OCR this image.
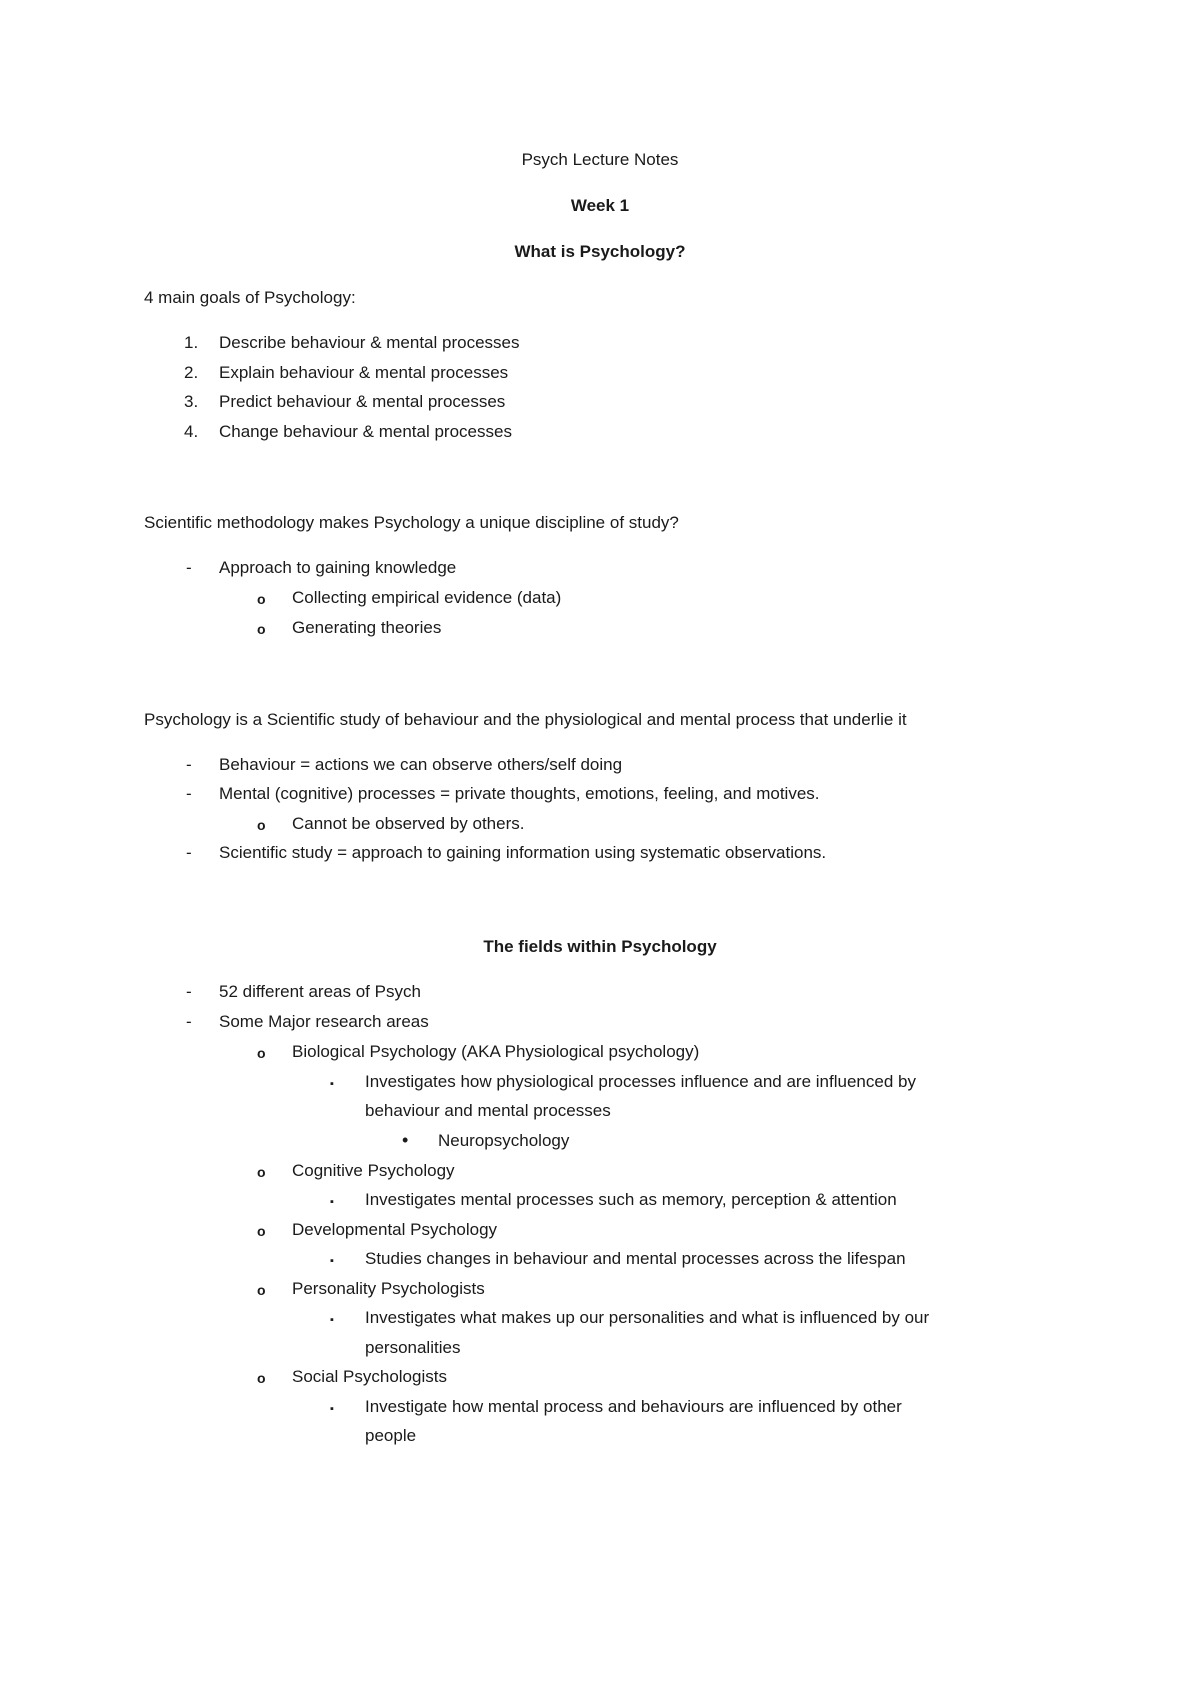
Psych Lecture Notes
Week 1
What is Psychology?
4 main goals of Psychology:
1. Describe behaviour & mental processes
2. Explain behaviour & mental processes
3. Predict behaviour & mental processes
4. Change behaviour & mental processes
Scientific methodology makes Psychology a unique discipline of study?
- Approach to gaining knowledge
o Collecting empirical evidence (data)
o Generating theories
Psychology is a Scientific study of behaviour and the physiological and mental process that underlie it
- Behaviour = actions we can observe others/self doing
- Mental (cognitive) processes = private thoughts, emotions, feeling, and motives.
o Cannot be observed by others.
- Scientific study = approach to gaining information using systematic observations.
The fields within Psychology
- 52 different areas of Psych
- Some Major research areas
o Biological Psychology (AKA Physiological psychology)
▪ Investigates how physiological processes influence and are influenced by
behaviour and mental processes
• Neuropsychology
o Cognitive Psychology
▪ Investigates mental processes such as memory, perception & attention
o Developmental Psychology
▪ Studies changes in behaviour and mental processes across the lifespan
o Personality Psychologists
▪ Investigates what makes up our personalities and what is influenced by our
personalities
o Social Psychologists
▪ Investigate how mental process and behaviours are influenced by other
people
